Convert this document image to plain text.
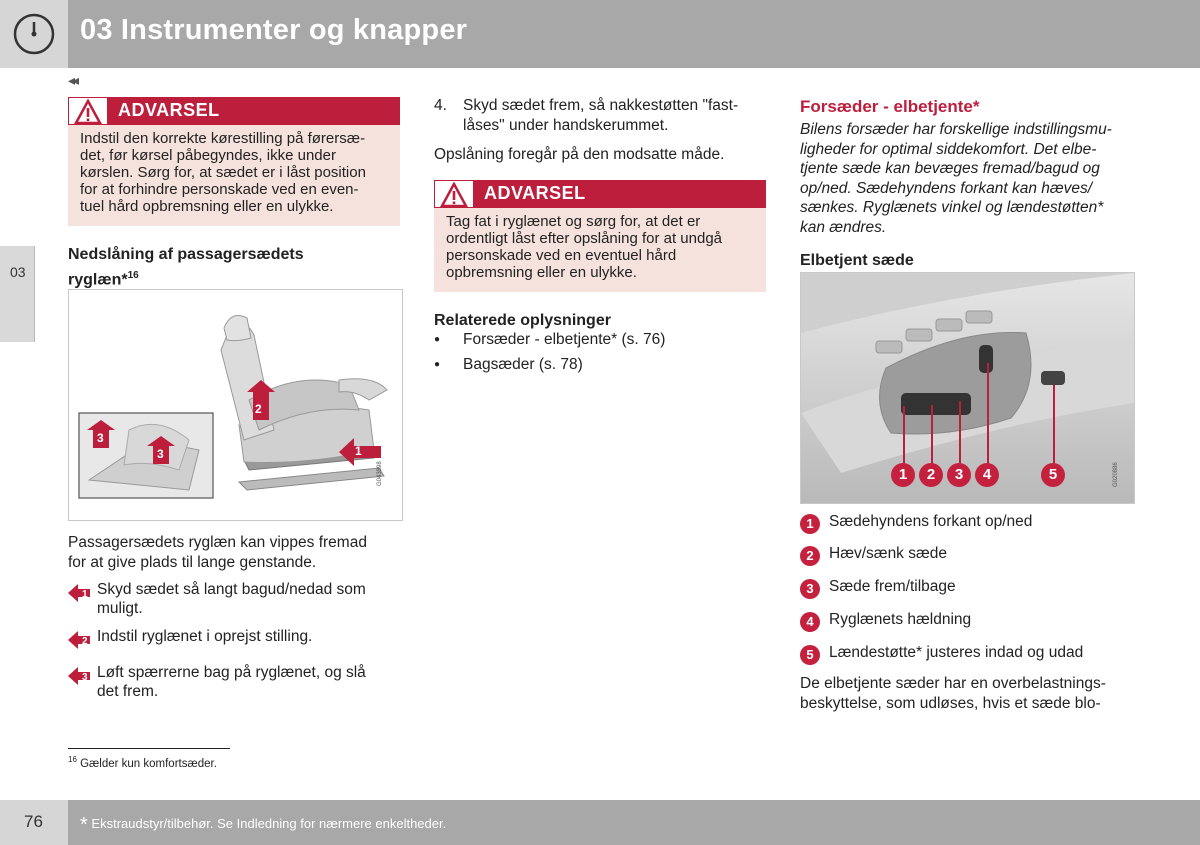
03 Instrumenter og knapper
◂◂
03
ADVARSEL
Indstil den korrekte kørestilling på førersæ-
det, før kørsel påbegyndes, ikke under
kørslen. Sørg for, at sædet er i låst position
for at forhindre personskade ved en even-
tuel hård opbremsning eller en ulykke.
Nedslåning af passagersædets
ryglæn*$^{16}$
2
1
3
3
G043898
Passagersædets ryglæn kan vippes fremad
for at give plads til lange genstande.
1 Skyd sædet så langt bagud/nedad som
muligt.
2 Indstil ryglænet i oprejst stilling.
3 Løft spærrerne bag på ryglænet, og slå
det frem.
4. Skyd sædet frem, så nakkestøtten "fast-
låses" under handskerummet.
Opslåning foregår på den modsatte måde.
ADVARSEL
Tag fat i ryglænet og sørg for, at det er
ordentligt låst efter opslåning for at undgå
personskade ved en eventuel hård
opbremsning eller en ulykke.
Relaterede oplysninger
● Forsæder - elbetjente* (s. 76)
● Bagsæder (s. 78)
Forsæder - elbetjente*
Bilens forsæder har forskellige indstillingsmu-
ligheder for optimal siddekomfort. Det elbe-
tjente sæde kan bevæges fremad/bagud og
op/ned. Sædehyndens forkant kan hæves/
sænkes. Ryglænets vinkel og lændestøtten*
kan ændres.
Elbetjent sæde
1	2	3	4	5	G020886
1 Sædehyndens forkant op/ned
2 Hæv/sænk sæde
3 Sæde frem/tilbage
4 Ryglænets hældning
5 Lændestøtte* justeres indad og udad
De elbetjente sæder har en overbelastnings-
beskyttelse, som udløses, hvis et sæde blo-
$^{16}$ Gælder kun komfortsæder.
76 * Ekstraudstyr/tilbehør. Se Indledning for nærmere enkeltheder.
